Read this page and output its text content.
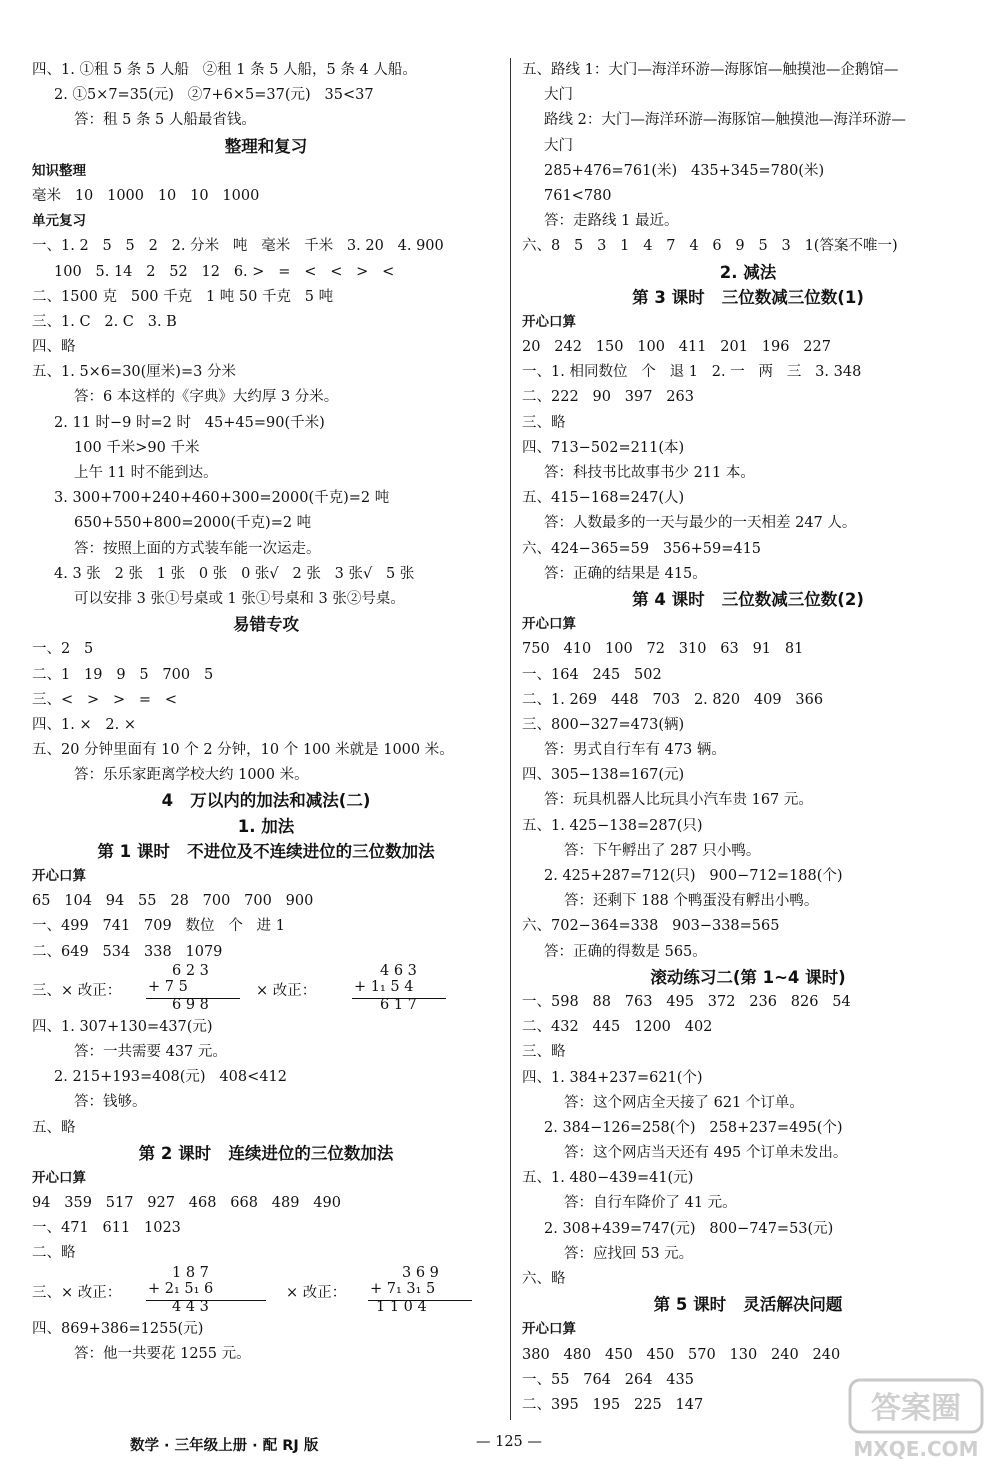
四、1. ①租 5 条 5 人船   ②租 1 条 5 人船，5 条 4 人船。
2. ①5×7=35(元)   ②7+6×5=37(元)   35<37
答：租 5 条 5 人船最省钱。
整理和复习
知识整理
毫米   10   1000   10   10   1000
单元复习
一、1. 2   5   5   2   2. 分米   吨   毫米   千米   3. 20   4. 900
100   5. 14   2   52   12   6. >   =   <   <   >   <
二、1500 克   500 千克   1 吨 50 千克   5 吨
三、1. C   2. C   3. B
四、略
五、1. 5×6=30(厘米)=3 分米
答：6 本这样的《字典》大约厚 3 分米。
2. 11 时−9 时=2 时   45+45=90(千米)
100 千米>90 千米
上午 11 时不能到达。
3. 300+700+240+460+300=2000(千克)=2 吨
650+550+800=2000(千克)=2 吨
答：按照上面的方式装车能一次运走。
4. 3 张   2 张   1 张   0 张   0 张√   2 张   3 张√   5 张
可以安排 3 张①号桌或 1 张①号桌和 3 张②号桌。
易错专攻
一、2   5
二、1   19   9   5   700   5
三、<   >   >   =   <
四、1. ×   2. ×
五、20 分钟里面有 10 个 2 分钟，10 个 100 米就是 1000 米。
答：乐乐家距离学校大约 1000 米。
4   万以内的加法和减法(二)
1. 加法
第 1 课时   不进位及不连续进位的三位数加法
开心口算
65   104   94   55   28   700   700   900
一、499   741   709   数位   个   进 1
二、649   534   338   1079
三、× 改正：
6 2 3
+ 7 5
6 9 8
× 改正：
4 6 3
+ 1₁ 5 4
6 1 7
四、1. 307+130=437(元)
答：一共需要 437 元。
2. 215+193=408(元)   408<412
答：钱够。
五、略
第 2 课时   连续进位的三位数加法
开心口算
94   359   517   927   468   668   489   490
一、471   611   1023
二、略
三、× 改正：
1 8 7
+ 2₁ 5₁ 6
4 4 3
× 改正：
3 6 9
+ 7₁ 3₁ 5
1 1 0 4
四、869+386=1255(元)
答：他一共要花 1255 元。
五、路线 1：大门—海洋环游—海豚馆—触摸池—企鹅馆—
大门
路线 2：大门—海洋环游—海豚馆—触摸池—海洋环游—
大门
285+476=761(米)   435+345=780(米)
761<780
答：走路线 1 最近。
六、8   5   3   1   4   7   4   6   9   5   3   1(答案不唯一)
2. 减法
第 3 课时   三位数减三位数(1)
开心口算
20   242   150   100   411   201   196   227
一、1. 相同数位   个   退 1   2. 一   两   三   3. 348
二、222   90   397   263
三、略
四、713−502=211(本)
答：科技书比故事书少 211 本。
五、415−168=247(人)
答：人数最多的一天与最少的一天相差 247 人。
六、424−365=59   356+59=415
答：正确的结果是 415。
第 4 课时   三位数减三位数(2)
开心口算
750   410   100   72   310   63   91   81
一、164   245   502
二、1. 269   448   703   2. 820   409   366
三、800−327=473(辆)
答：男式自行车有 473 辆。
四、305−138=167(元)
答：玩具机器人比玩具小汽车贵 167 元。
五、1. 425−138=287(只)
答：下午孵出了 287 只小鸭。
2. 425+287=712(只)   900−712=188(个)
答：还剩下 188 个鸭蛋没有孵出小鸭。
六、702−364=338   903−338=565
答：正确的得数是 565。
滚动练习二(第 1~4 课时)
一、598   88   763   495   372   236   826   54
二、432   445   1200   402
三、略
四、1. 384+237=621(个)
答：这个网店全天接了 621 个订单。
2. 384−126=258(个)   258+237=495(个)
答：这个网店当天还有 495 个订单未发出。
五、1. 480−439=41(元)
答：自行车降价了 41 元。
2. 308+439=747(元)   800−747=53(元)
答：应找回 53 元。
六、略
第 5 课时   灵活解决问题
开心口算
380   480   450   450   570   130   240   240
一、55   764   264   435
二、395   195   225   147
数学 · 三年级上册 · 配 RJ 版	— 125 —
答案圈
MXQE.COM
